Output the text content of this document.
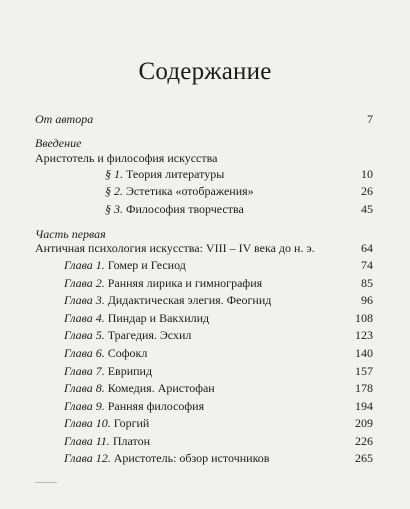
Содержание
От автора	7
Введение
Аристотель и философия искусства
§ 1. Теория литературы	10
§ 2. Эстетика «отображения»	26
§ 3. Философия творчества	45
Часть первая
Античная психология искусства: VIII – IV века до н. э.	64
Глава 1. Гомер и Гесиод	74
Глава 2. Ранняя лирика и гимнография	85
Глава 3. Дидактическая элегия. Феогнид	96
Глава 4. Пиндар и Вакхилид	108
Глава 5. Трагедия. Эсхил	123
Глава 6. Софокл	140
Глава 7. Еврипид	157
Глава 8. Комедия. Аристофан	178
Глава 9. Ранняя философия	194
Глава 10. Горгий	209
Глава 11. Платон	226
Глава 12. Аристотель: обзор источников	265
